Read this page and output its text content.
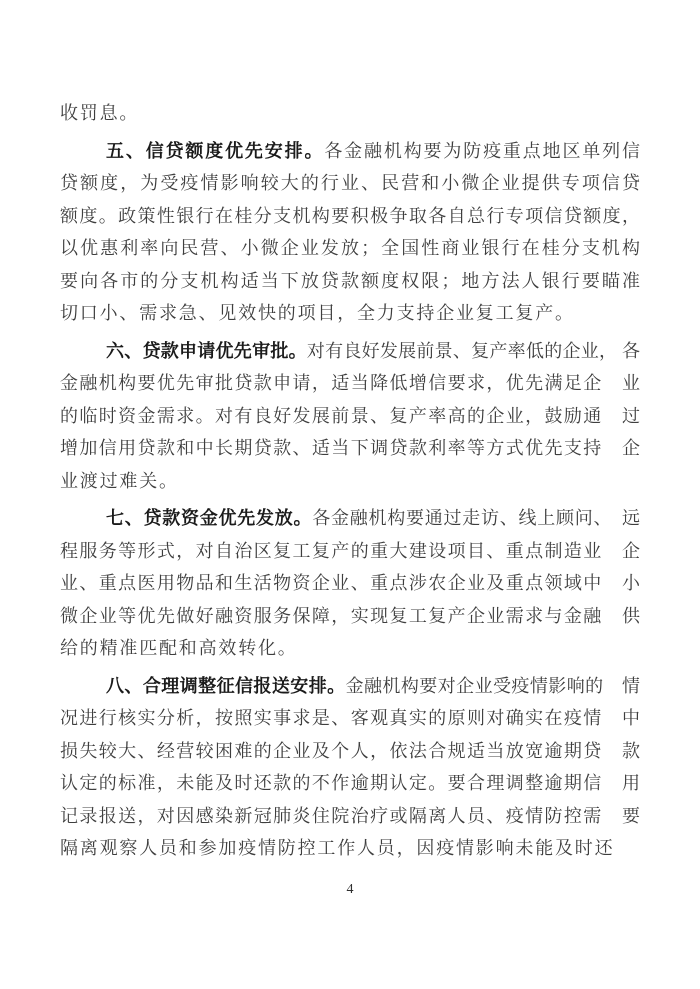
收罚息。
五、信贷额度优先安排。各金融机构要为防疫重点地区单列信
贷额度，为受疫情影响较大的行业、民营和小微企业提供专项信贷
额度。政策性银行在桂分支机构要积极争取各自总行专项信贷额度，
以优惠利率向民营、小微企业发放；全国性商业银行在桂分支机构
要向各市的分支机构适当下放贷款额度权限；地方法人银行要瞄准
切口小、需求急、见效快的项目，全力支持企业复工复产。
六、贷款申请优先审批。对有良好发展前景、复产率低的企业， 各
金融机构要优先审批贷款申请，适当降低增信要求，优先满足企　业
的临时资金需求。对有良好发展前景、复产率高的企业，鼓励通　过
增加信用贷款和中长期贷款、适当下调贷款利率等方式优先支持　企
业渡过难关。
七、贷款资金优先发放。各金融机构要通过走访、线上顾问、　远
程服务等形式，对自治区复工复产的重大建设项目、重点制造业　企
业、重点医用物品和生活物资企业、重点涉农企业及重点领域中　小
微企业等优先做好融资服务保障，实现复工复产企业需求与金融　供
给的精准匹配和高效转化。
八、合理调整征信报送安排。金融机构要对企业受疫情影响的　情
况进行核实分析，按照实事求是、客观真实的原则对确实在疫情　中
损失较大、经营较困难的企业及个人，依法合规适当放宽逾期贷　款
认定的标准，未能及时还款的不作逾期认定。要合理调整逾期信　用
记录报送，对因感染新冠肺炎住院治疗或隔离人员、疫情防控需　要
隔离观察人员和参加疫情防控工作人员，因疫情影响未能及时还
4
